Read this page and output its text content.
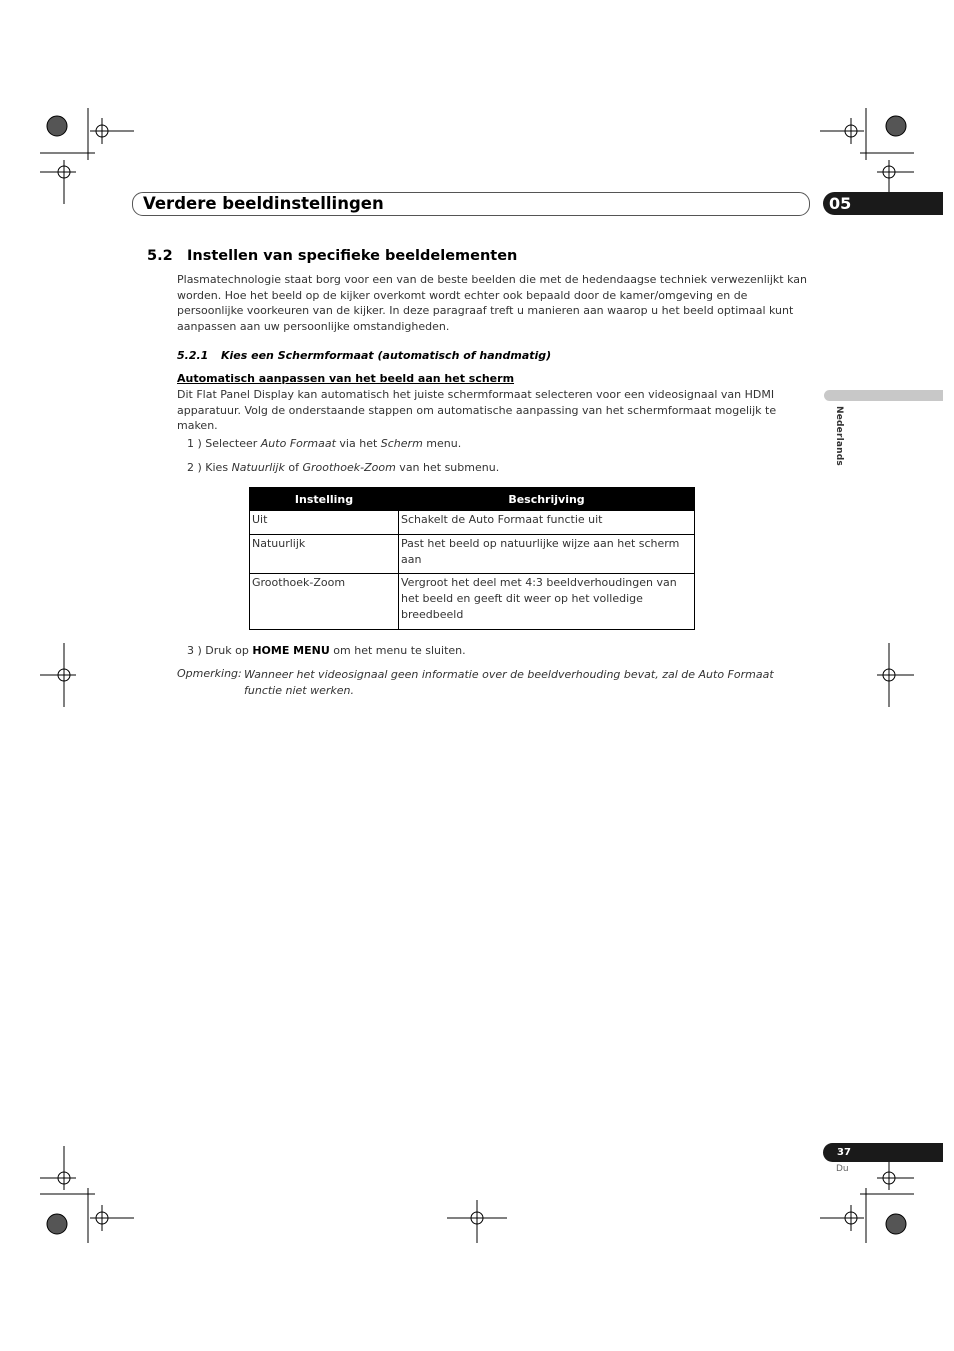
Verdere beeldinstellingen	05
5.2 Instellen van specifieke beeldelementen
Plasmatechnologie staat borg voor een van de beste beelden die met de hedendaagse techniek verwezenlijkt kan worden. Hoe het beeld op de kijker overkomt wordt echter ook bepaald door de kamer/omgeving en de persoonlijke voorkeuren van de kijker. In deze paragraaf treft u manieren aan waarop u het beeld optimaal kunt aanpassen aan uw persoonlijke omstandigheden.
5.2.1 Kies een Schermformaat (automatisch of handmatig)
Automatisch aanpassen van het beeld aan het scherm
Dit Flat Panel Display kan automatisch het juiste schermformaat selecteren voor een videosignaal van HDMI apparatuur. Volg de onderstaande stappen om automatische aanpassing van het schermformaat mogelijk te maken.
1 ) Selecteer Auto Formaat via het Scherm menu.
2 ) Kies Natuurlijk of Groothoek-Zoom van het submenu.
Instelling	Beschrijving
Uit	Schakelt de Auto Formaat functie uit
Natuurlijk	Past het beeld op natuurlijke wijze aan het scherm aan
Groothoek-Zoom	Vergroot het deel met 4:3 beeldverhoudingen van het beeld en geeft dit weer op het volledige breedbeeld
3 ) Druk op HOME MENU om het menu te sluiten.
Opmerking: Wanneer het videosignaal geen informatie over de beeldverhouding bevat, zal de Auto Formaat functie niet werken.
Nederlands
37
Du
